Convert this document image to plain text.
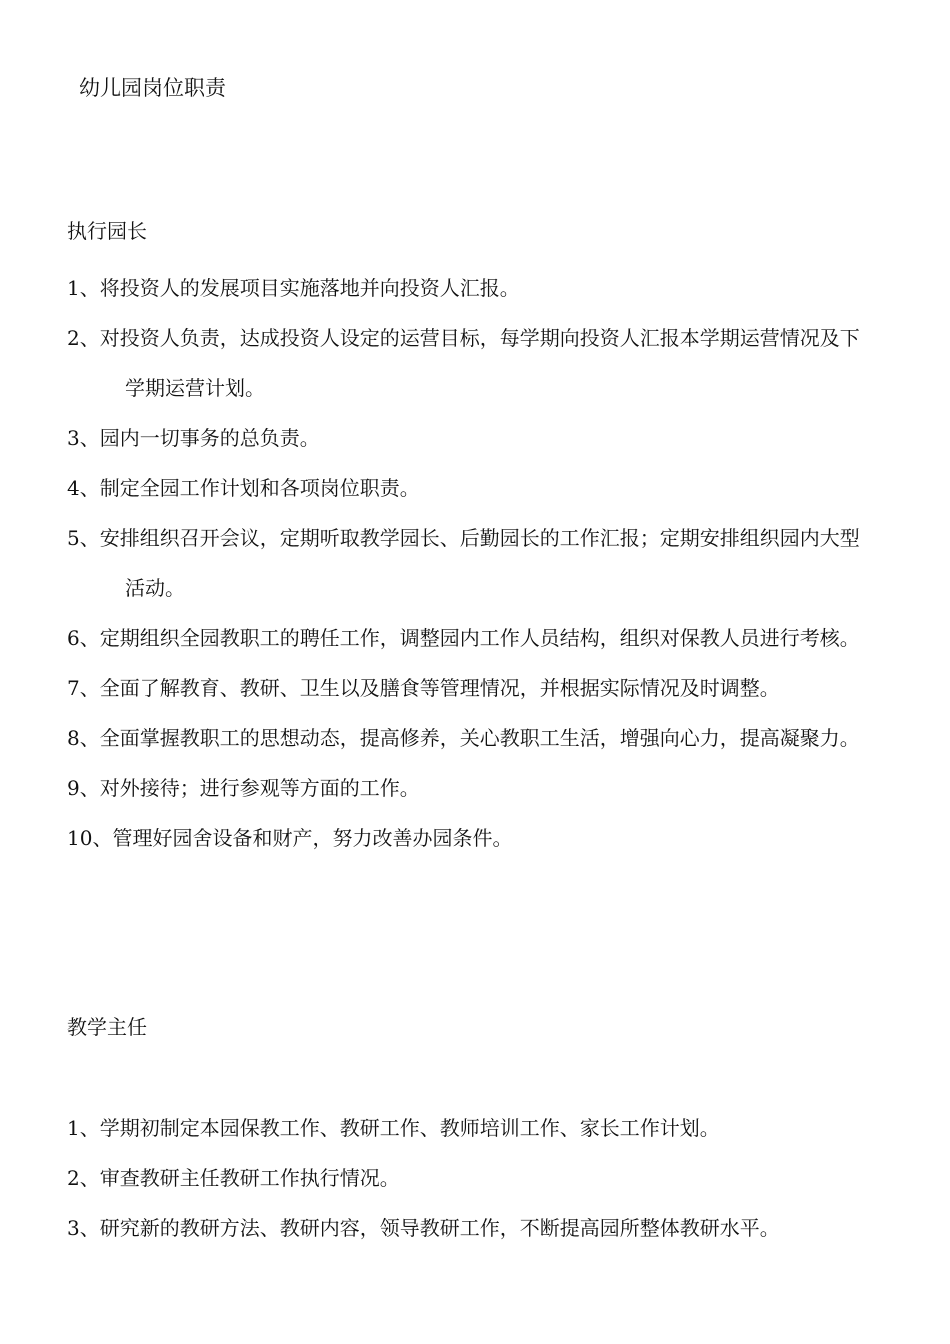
幼儿园岗位职责
执行园长
1、将投资人的发展项目实施落地并向投资人汇报。
2、对投资人负责，达成投资人设定的运营目标，每学期向投资人汇报本学期运营情况及下学期运营计划。
3、园内一切事务的总负责。
4、制定全园工作计划和各项岗位职责。
5、安排组织召开会议，定期听取教学园长、后勤园长的工作汇报；定期安排组织园内大型活动。
6、定期组织全园教职工的聘任工作，调整园内工作人员结构，组织对保教人员进行考核。
7、全面了解教育、教研、卫生以及膳食等管理情况，并根据实际情况及时调整。
8、全面掌握教职工的思想动态，提高修养，关心教职工生活，增强向心力，提高凝聚力。
9、对外接待；进行参观等方面的工作。
10、管理好园舍设备和财产，努力改善办园条件。
教学主任
1、学期初制定本园保教工作、教研工作、教师培训工作、家长工作计划。
2、审查教研主任教研工作执行情况。
3、研究新的教研方法、教研内容，领导教研工作，不断提高园所整体教研水平。
